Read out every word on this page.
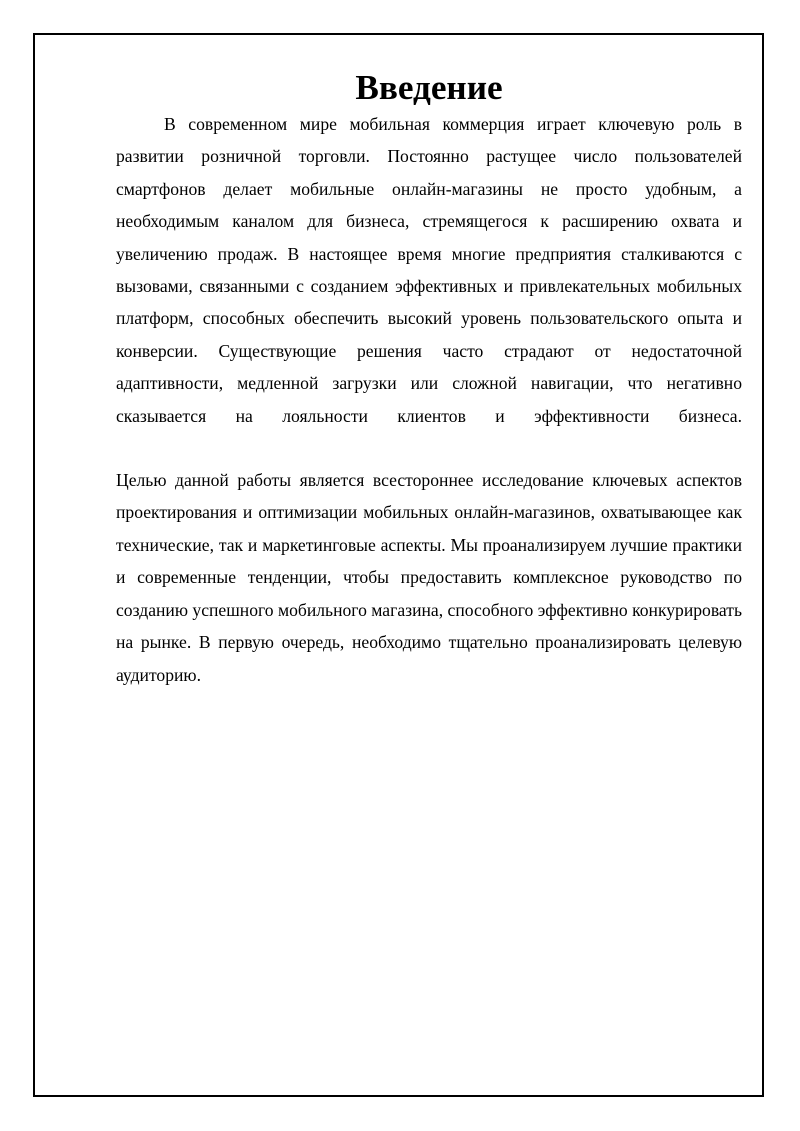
Введение

В современном мире мобильная коммерция играет ключевую роль в развитии розничной торговли. Постоянно растущее число пользователей смартфонов делает мобильные онлайн-магазины не просто удобным, а необходимым каналом для бизнеса, стремящегося к расширению охвата и увеличению продаж. В настоящее время многие предприятия сталкиваются с вызовами, связанными с созданием эффективных и привлекательных мобильных платформ, способных обеспечить высокий уровень пользовательского опыта и конверсии. Существующие решения часто страдают от недостаточной адаптивности, медленной загрузки или сложной навигации, что негативно сказывается на лояльности клиентов и эффективности бизнеса.

Целью данной работы является всестороннее исследование ключевых аспектов проектирования и оптимизации мобильных онлайн-магазинов, охватывающее как технические, так и маркетинговые аспекты. Мы проанализируем лучшие практики и современные тенденции, чтобы предоставить комплексное руководство по созданию успешного мобильного магазина, способного эффективно конкурировать на рынке. В первую очередь, необходимо тщательно проанализировать целевую аудиторию.
